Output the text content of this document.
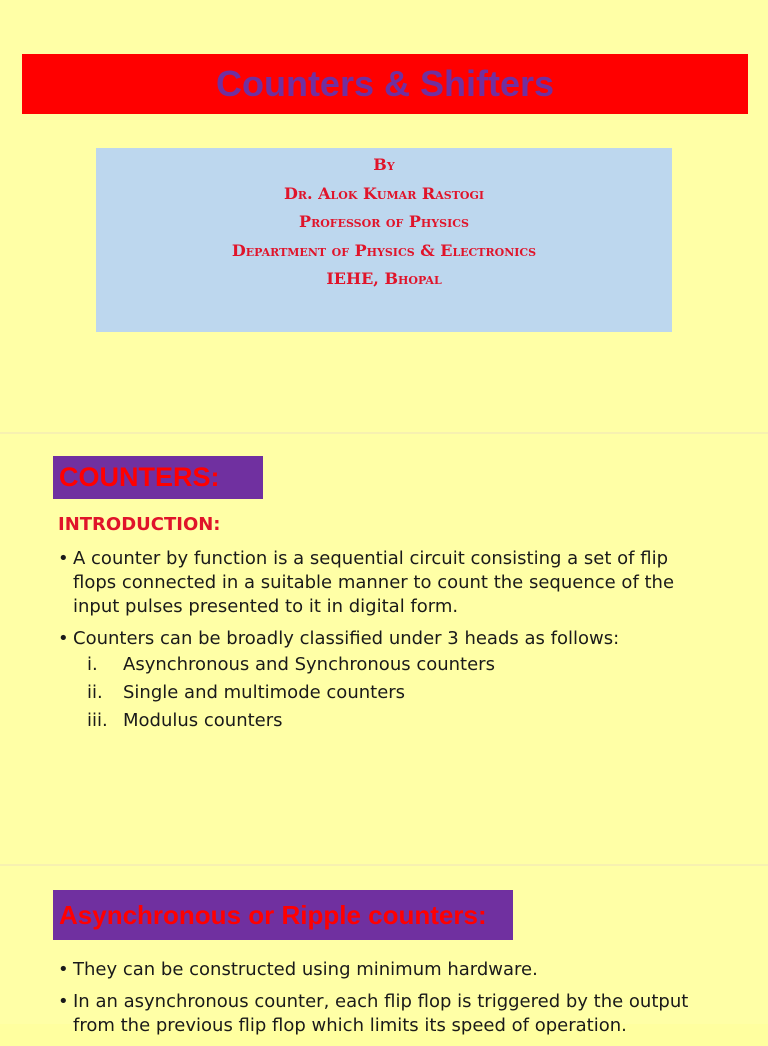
Counters & Shifters
By
Dr. Alok Kumar Rastogi
Professor of Physics
Department of Physics & Electronics
IEHE, Bhopal
COUNTERS:
INTRODUCTION:
• A counter by function is a sequential circuit consisting a set of flip flops connected in a suitable manner to count the sequence of the input pulses presented to it in digital form.
• Counters can be broadly classified under 3 heads as follows:
i. Asynchronous and Synchronous counters
ii. Single and multimode counters
iii. Modulus counters
Asynchronous or Ripple counters:
• They can be constructed using minimum hardware.
• In an asynchronous counter, each flip flop is triggered by the output from the previous flip flop which limits its speed of operation.
